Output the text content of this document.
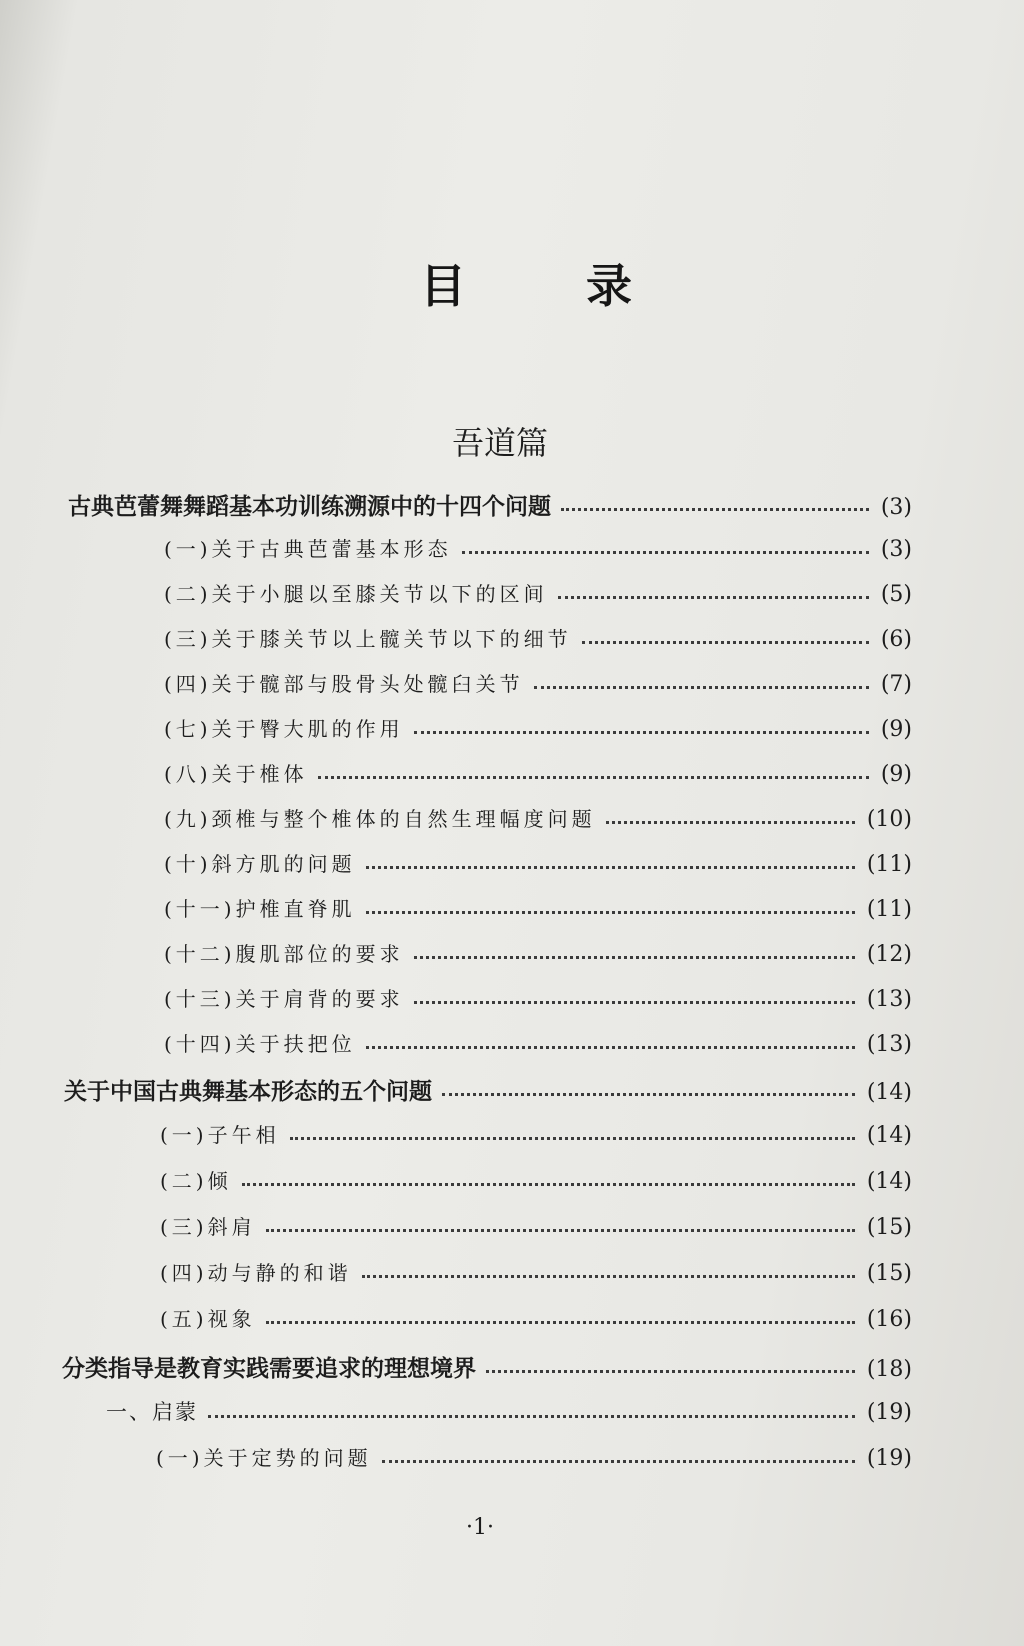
目 录
吾道篇
古典芭蕾舞舞蹈基本功训练溯源中的十四个问题	(3)
(一)关于古典芭蕾基本形态	(3)
(二)关于小腿以至膝关节以下的区间	(5)
(三)关于膝关节以上髋关节以下的细节	(6)
(四)关于髋部与股骨头处髋臼关节	(7)
(七)关于臀大肌的作用	(9)
(八)关于椎体	(9)
(九)颈椎与整个椎体的自然生理幅度问题	(10)
(十)斜方肌的问题	(11)
(十一)护椎直脊肌	(11)
(十二)腹肌部位的要求	(12)
(十三)关于肩背的要求	(13)
(十四)关于扶把位	(13)
关于中国古典舞基本形态的五个问题	(14)
(一)子午相	(14)
(二)倾	(14)
(三)斜肩	(15)
(四)动与静的和谐	(15)
(五)视象	(16)
分类指导是教育实践需要追求的理想境界	(18)
一、启蒙	(19)
(一)关于定势的问题	(19)
·1·
